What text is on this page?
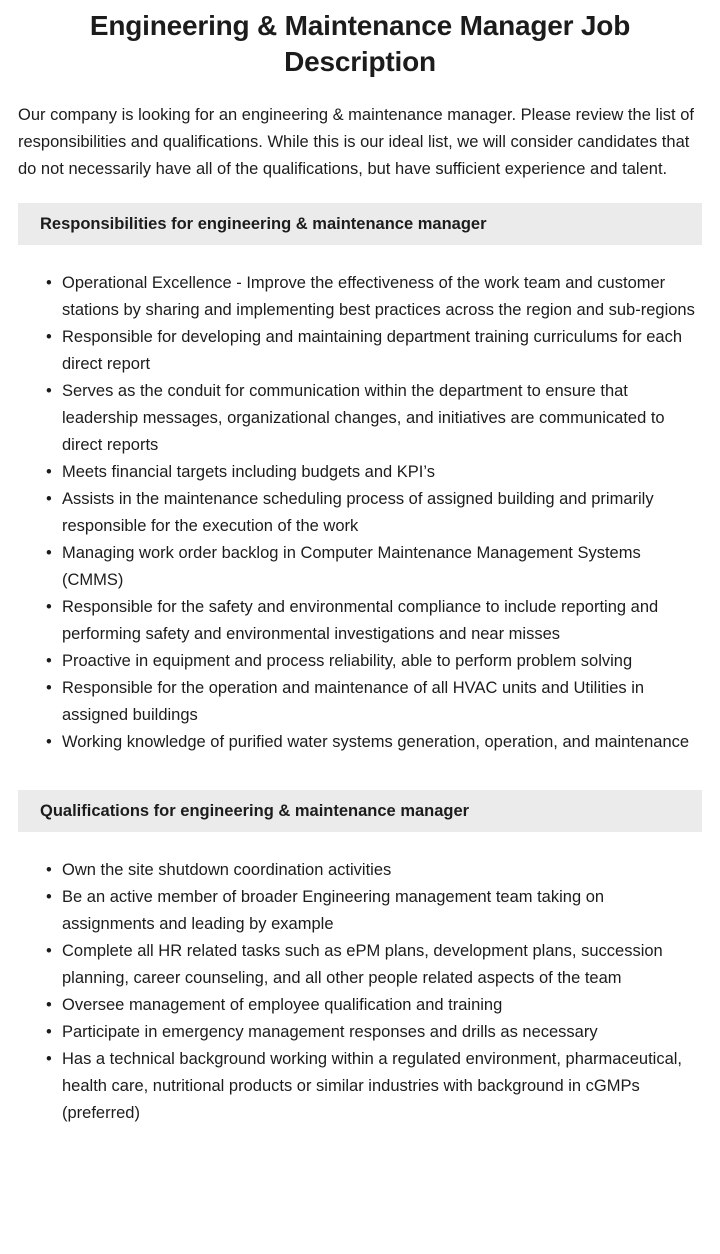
Engineering & Maintenance Manager Job Description

Our company is looking for an engineering & maintenance manager. Please review the list of responsibilities and qualifications. While this is our ideal list, we will consider candidates that do not necessarily have all of the qualifications, but have sufficient experience and talent.

Responsibilities for engineering & maintenance manager
• Operational Excellence - Improve the effectiveness of the work team and customer stations by sharing and implementing best practices across the region and sub-regions
• Responsible for developing and maintaining department training curriculums for each direct report
• Serves as the conduit for communication within the department to ensure that leadership messages, organizational changes, and initiatives are communicated to direct reports
• Meets financial targets including budgets and KPI’s
• Assists in the maintenance scheduling process of assigned building and primarily responsible for the execution of the work
• Managing work order backlog in Computer Maintenance Management Systems (CMMS)
• Responsible for the safety and environmental compliance to include reporting and performing safety and environmental investigations and near misses
• Proactive in equipment and process reliability, able to perform problem solving
• Responsible for the operation and maintenance of all HVAC units and Utilities in assigned buildings
• Working knowledge of purified water systems generation, operation, and maintenance
Qualifications for engineering & maintenance manager
• Own the site shutdown coordination activities
• Be an active member of broader Engineering management team taking on assignments and leading by example
• Complete all HR related tasks such as ePM plans, development plans, succession planning, career counseling, and all other people related aspects of the team
• Oversee management of employee qualification and training
• Participate in emergency management responses and drills as necessary
• Has a technical background working within a regulated environment, pharmaceutical, health care, nutritional products or similar industries with background in cGMPs (preferred)
